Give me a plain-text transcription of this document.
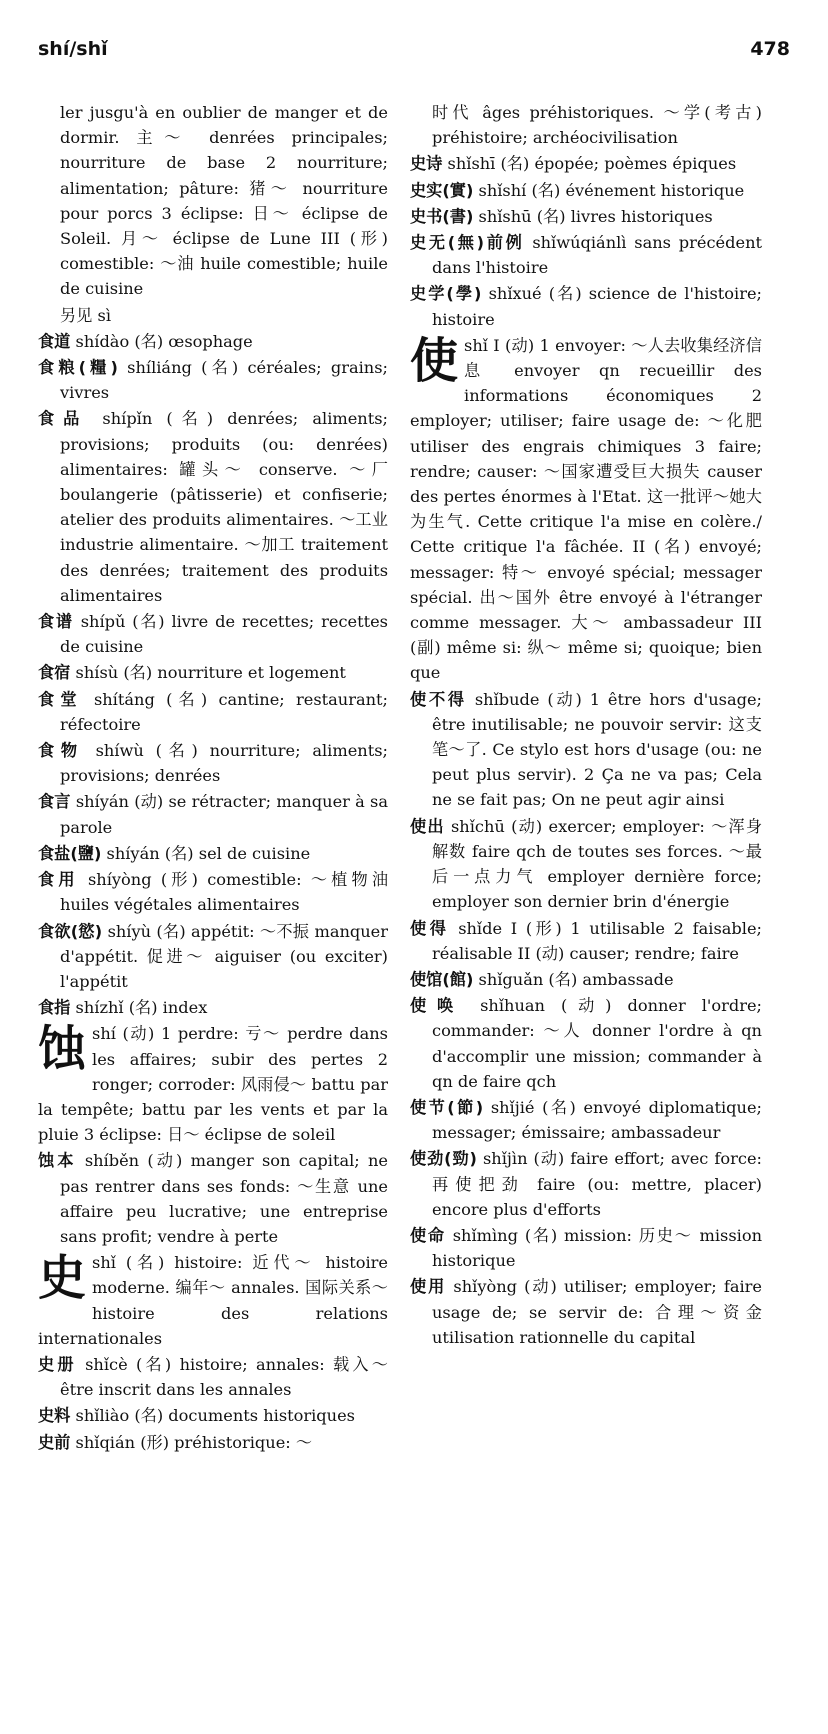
shí/shǐ	478
ler jusgu'à en oublier de manger et de dormir. 主～ denrées principales; nourriture de base 2 nourriture; alimentation; pâture: 猪～ nourriture pour porcs 3 éclipse: 日～ éclipse de Soleil. 月～ éclipse de Lune III (形) comestible: ～油 huile comestible; huile de cuisine
另见 sì
食道 shídào (名) œsophage
食粮(糧) shíliáng (名) céréales; grains; vivres
食品 shípǐn (名) denrées; aliments; provisions; produits (ou: denrées) alimentaires: 罐头～ conserve. ～厂 boulangerie (pâtisserie) et confiserie; atelier des produits alimentaires. ～工业 industrie alimentaire. ～加工 traitement des denrées; traitement des produits alimentaires
食谱 shípǔ (名) livre de recettes; recettes de cuisine
食宿 shísù (名) nourriture et logement
食堂 shítáng (名) cantine; restaurant; réfectoire
食物 shíwù (名) nourriture; aliments; provisions; denrées
食言 shíyán (动) se rétracter; manquer à sa parole
食盐(鹽) shíyán (名) sel de cuisine
食用 shíyòng (形) comestible: ～植物油 huiles végétales alimentaires
食欲(慾) shíyù (名) appétit: ～不振 manquer d'appétit. 促进～ aiguiser (ou exciter) l'appétit
食指 shízhǐ (名) index
蚀shí (动) 1 perdre: 亏～ perdre dans les affaires; subir des pertes 2 ronger; corroder: 风雨侵～ battu par la tempête; battu par les vents et par la pluie 3 éclipse: 日～ éclipse de soleil
蚀本 shíběn (动) manger son capital; ne pas rentrer dans ses fonds: ～生意 une affaire peu lucrative; une entreprise sans profit; vendre à perte
史shǐ (名) histoire: 近代～ histoire moderne. 编年～ annales. 国际关系～ histoire des relations internationales
史册 shǐcè (名) histoire; annales: 载入～ être inscrit dans les annales
史料 shǐliào (名) documents historiques
史前 shǐqián (形) préhistorique: ～
时代 âges préhistoriques. ～学(考古) préhistoire; archéocivilisation
史诗 shǐshī (名) épopée; poèmes épiques
史实(實) shǐshí (名) événement historique
史书(書) shǐshū (名) livres historiques
史无(無)前例 shǐwúqiánlì sans précédent dans l'histoire
史学(學) shǐxué (名) science de l'histoire; histoire
使shǐ I (动) 1 envoyer: ～人去收集经济信息 envoyer qn recueillir des informations économiques 2 employer; utiliser; faire usage de: ～化肥 utiliser des engrais chimiques 3 faire; rendre; causer: ～国家遭受巨大损失 causer des pertes énormes à l'Etat. 这一批评～她大为生气. Cette critique l'a mise en colère./ Cette critique l'a fâchée. II (名) envoyé; messager: 特～ envoyé spécial; messager spécial. 出～国外 être envoyé à l'étranger comme messager. 大～ ambassadeur III (副) même si: 纵～ même si; quoique; bien que
使不得 shǐbude (动) 1 être hors d'usage; être inutilisable; ne pouvoir servir: 这支笔～了. Ce stylo est hors d'usage (ou: ne peut plus servir). 2 Ça ne va pas; Cela ne se fait pas; On ne peut agir ainsi
使出 shǐchū (动) exercer; employer: ～浑身解数 faire qch de toutes ses forces. ～最后一点力气 employer dernière force; employer son dernier brin d'énergie
使得 shǐde I (形) 1 utilisable 2 faisable; réalisable II (动) causer; rendre; faire
使馆(館) shǐguǎn (名) ambassade
使唤 shǐhuan (动) donner l'ordre; commander: ～人 donner l'ordre à qn d'accomplir une mission; commander à qn de faire qch
使节(節) shǐjié (名) envoyé diplomatique; messager; émissaire; ambassadeur
使劲(勁) shǐjìn (动) faire effort; avec force: 再使把劲 faire (ou: mettre, placer) encore plus d'efforts
使命 shǐmìng (名) mission: 历史～ mission historique
使用 shǐyòng (动) utiliser; employer; faire usage de; se servir de: 合理～资金 utilisation rationnelle du capital
